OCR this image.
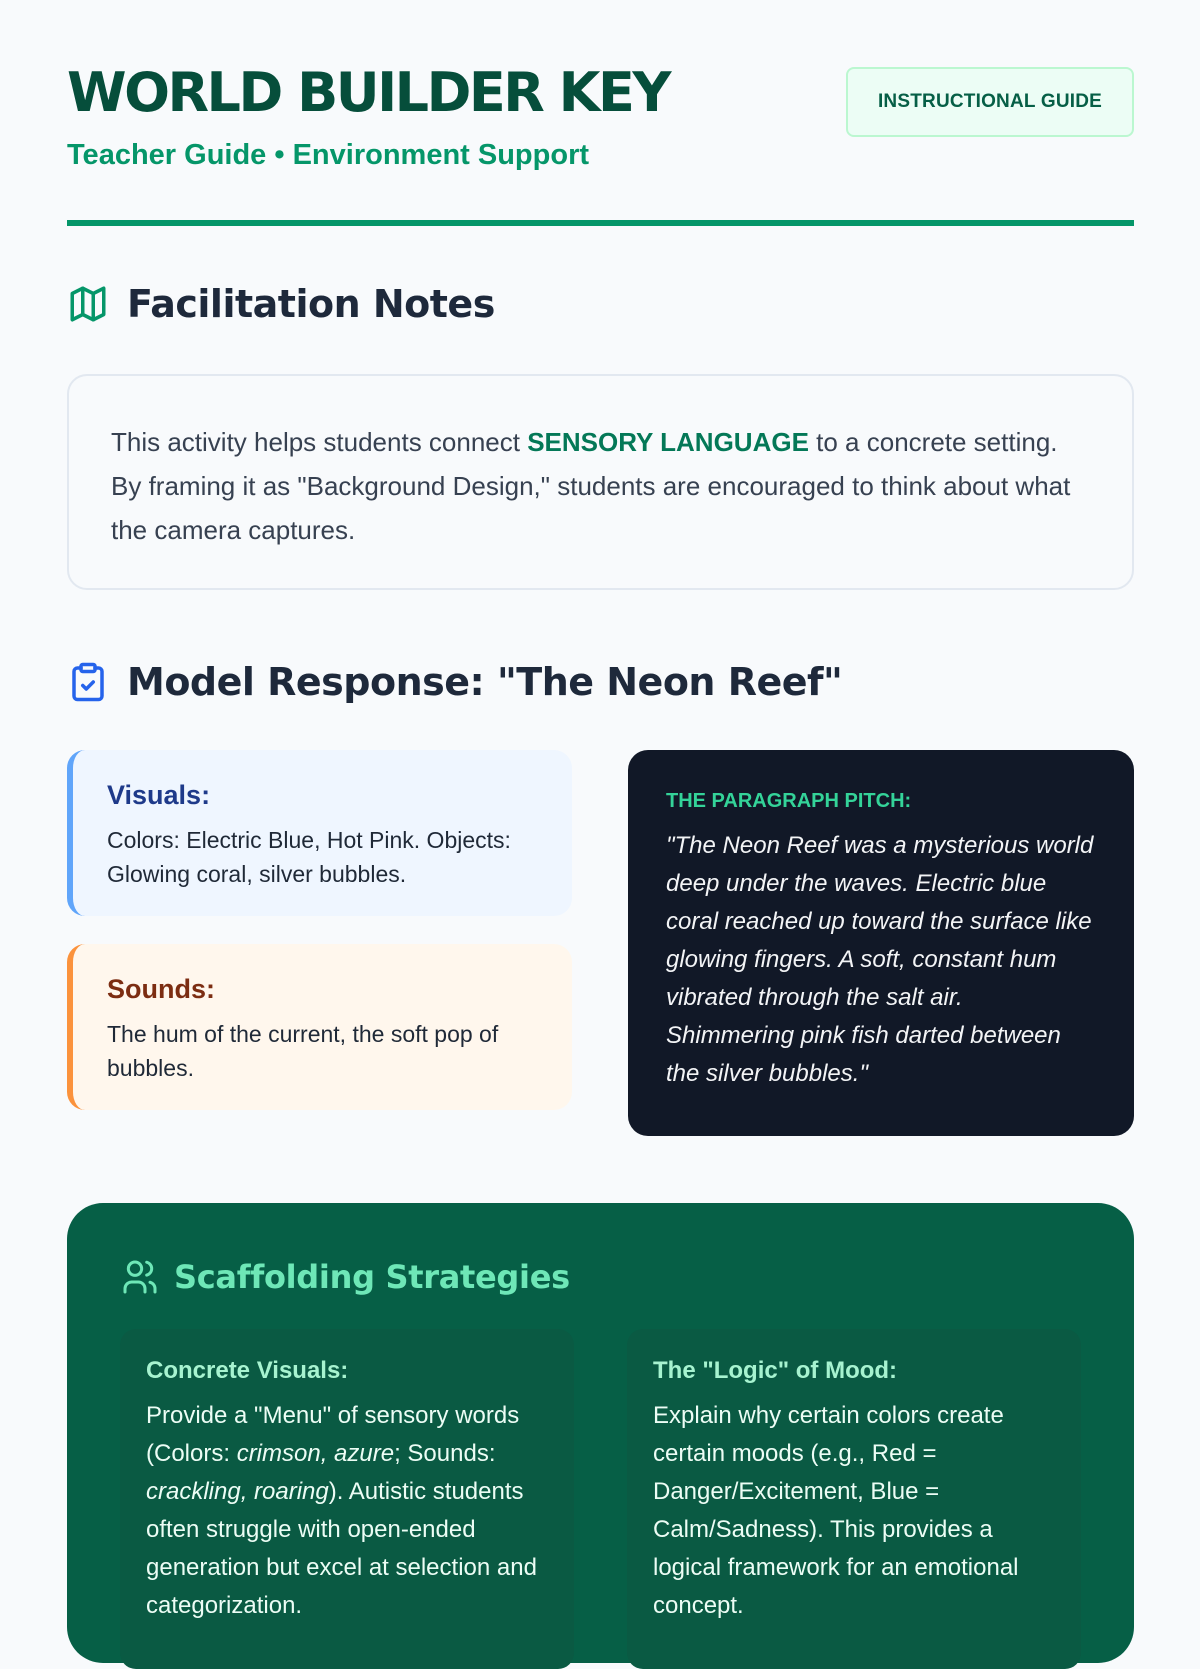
WORLD BUILDER KEY
Teacher Guide • Environment Support
INSTRUCTIONAL GUIDE
Facilitation Notes
This activity helps students connect SENSORY LANGUAGE to a concrete setting. By framing it as "Background Design," students are encouraged to think about what the camera captures.
Model Response: "The Neon Reef"
Visuals:

Colors: Electric Blue, Hot Pink. Objects: Glowing coral, silver bubbles.

Sounds:

The hum of the current, the soft pop of bubbles.

THE PARAGRAPH PITCH:
"The Neon Reef was a mysterious world deep under the waves. Electric blue coral reached up toward the surface like glowing fingers. A soft, constant hum vibrated through the salt air. Shimmering pink fish darted between the silver bubbles."
Scaffolding Strategies
Concrete Visuals:

Provide a "Menu" of sensory words (Colors: crimson, azure; Sounds: crackling, roaring). Autistic students often struggle with open-ended generation but excel at selection and categorization.

The "Logic" of Mood:

Explain why certain colors create certain moods (e.g., Red = Danger/Excitement, Blue = Calm/Sadness). This provides a logical framework for an emotional concept.
